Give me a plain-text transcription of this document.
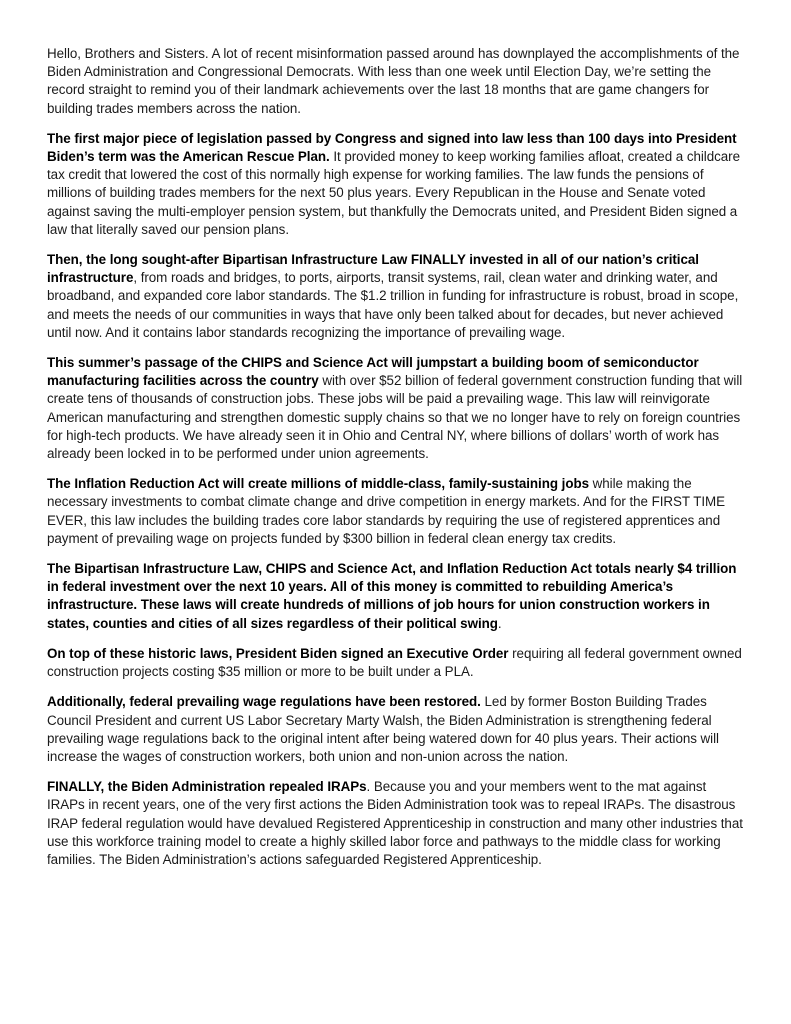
Hello, Brothers and Sisters. A lot of recent misinformation passed around has downplayed the accomplishments of the Biden Administration and Congressional Democrats. With less than one week until Election Day, we’re setting the record straight to remind you of their landmark achievements over the last 18 months that are game changers for building trades members across the nation.

The first major piece of legislation passed by Congress and signed into law less than 100 days into President Biden’s term was the American Rescue Plan. It provided money to keep working families afloat, created a childcare tax credit that lowered the cost of this normally high expense for working families. The law funds the pensions of millions of building trades members for the next 50 plus years. Every Republican in the House and Senate voted against saving the multi-employer pension system, but thankfully the Democrats united, and President Biden signed a law that literally saved our pension plans.

Then, the long sought-after Bipartisan Infrastructure Law FINALLY invested in all of our nation’s critical infrastructure, from roads and bridges, to ports, airports, transit systems, rail, clean water and drinking water, and broadband, and expanded core labor standards. The $1.2 trillion in funding for infrastructure is robust, broad in scope, and meets the needs of our communities in ways that have only been talked about for decades, but never achieved until now. And it contains labor standards recognizing the importance of prevailing wage.

This summer’s passage of the CHIPS and Science Act will jumpstart a building boom of semiconductor manufacturing facilities across the country with over $52 billion of federal government construction funding that will create tens of thousands of construction jobs. These jobs will be paid a prevailing wage. This law will reinvigorate American manufacturing and strengthen domestic supply chains so that we no longer have to rely on foreign countries for high-tech products. We have already seen it in Ohio and Central NY, where billions of dollars’ worth of work has already been locked in to be performed under union agreements.

The Inflation Reduction Act will create millions of middle-class, family-sustaining jobs while making the necessary investments to combat climate change and drive competition in energy markets. And for the FIRST TIME EVER, this law includes the building trades core labor standards by requiring the use of registered apprentices and payment of prevailing wage on projects funded by $300 billion in federal clean energy tax credits.

The Bipartisan Infrastructure Law, CHIPS and Science Act, and Inflation Reduction Act totals nearly $4 trillion in federal investment over the next 10 years. All of this money is committed to rebuilding America’s infrastructure. These laws will create hundreds of millions of job hours for union construction workers in states, counties and cities of all sizes regardless of their political swing.

On top of these historic laws, President Biden signed an Executive Order requiring all federal government owned construction projects costing $35 million or more to be built under a PLA.

Additionally, federal prevailing wage regulations have been restored. Led by former Boston Building Trades Council President and current US Labor Secretary Marty Walsh, the Biden Administration is strengthening federal prevailing wage regulations back to the original intent after being watered down for 40 plus years. Their actions will increase the wages of construction workers, both union and non-union across the nation.

FINALLY, the Biden Administration repealed IRAPs. Because you and your members went to the mat against IRAPs in recent years, one of the very first actions the Biden Administration took was to repeal IRAPs. The disastrous IRAP federal regulation would have devalued Registered Apprenticeship in construction and many other industries that use this workforce training model to create a highly skilled labor force and pathways to the middle class for working families. The Biden Administration’s actions safeguarded Registered Apprenticeship.
